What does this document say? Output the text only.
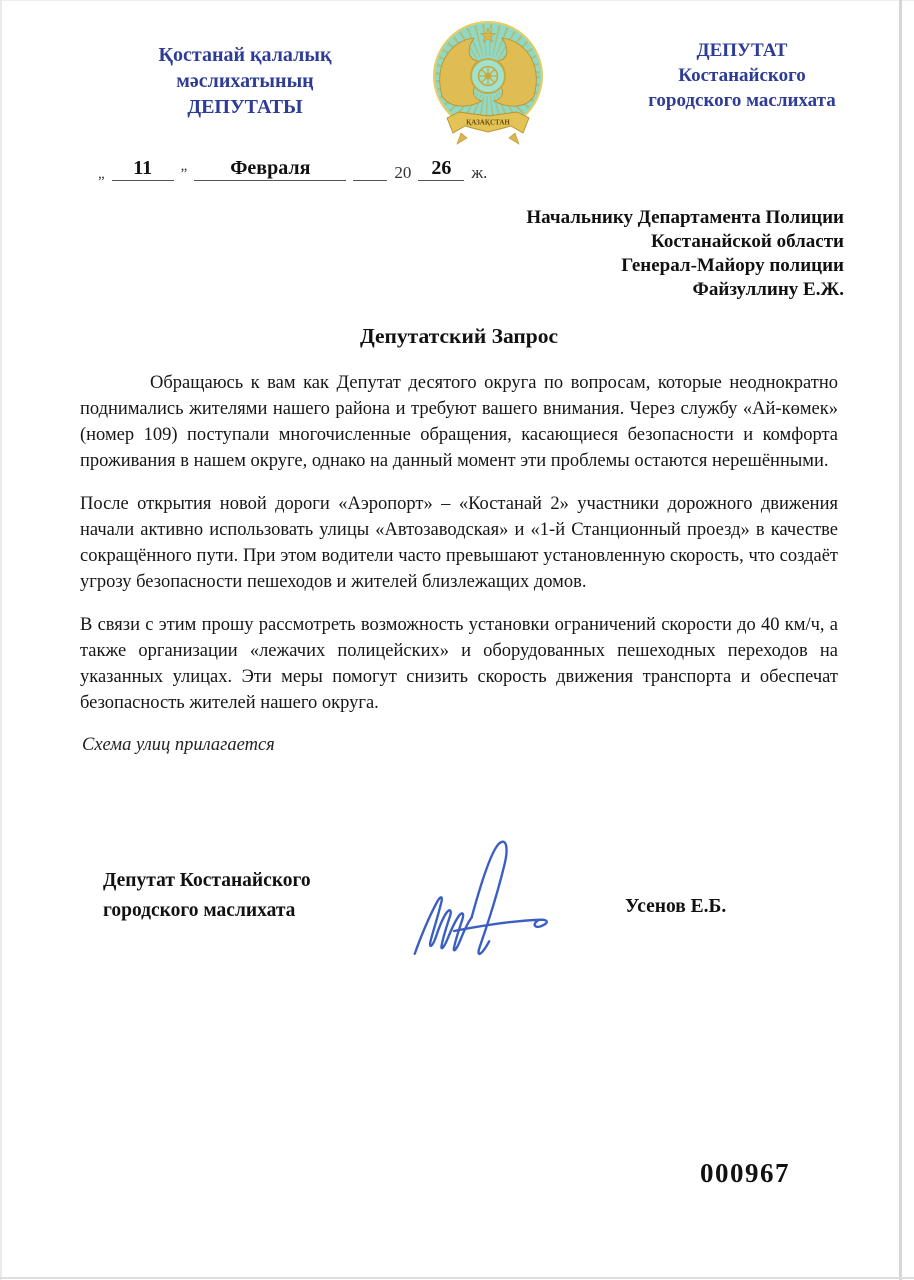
Қостанай қалалық
мәслихатының
ДЕПУТАТЫ
ҚАЗАҚСТАН
ДЕПУТАТ
Костанайского
городского маслихата
„	11	”	Февраля	20	26	ж.
Начальнику Департамента Полиции
Костанайской области
Генерал-Майору полиции
Файзуллину Е.Ж.
Депутатский Запрос

Обращаюсь к вам как Депутат десятого округа по вопросам, которые неоднократно поднимались жителями нашего района и требуют вашего внимания. Через службу «Ай-көмек» (номер 109) поступали многочисленные обращения, касающиеся безопасности и комфорта проживания в нашем округе, однако на данный момент эти проблемы остаются нерешёнными.

После открытия новой дороги «Аэропорт» – «Костанай 2» участники дорожного движения начали активно использовать улицы «Автозаводская» и «1-й Станционный проезд» в качестве сокращённого пути. При этом водители часто превышают установленную скорость, что создаёт угрозу безопасности пешеходов и жителей близлежащих домов.

В связи с этим прошу рассмотреть возможность установки ограничений скорости до 40 км/ч, а также организации «лежачих полицейских» и оборудованных пешеходных переходов на указанных улицах. Эти меры помогут снизить скорость движения транспорта и обеспечат безопасность жителей нашего округа.

Схема улиц прилагается
Депутат Костанайского
городского маслихата	Усенов Е.Б.
000967
